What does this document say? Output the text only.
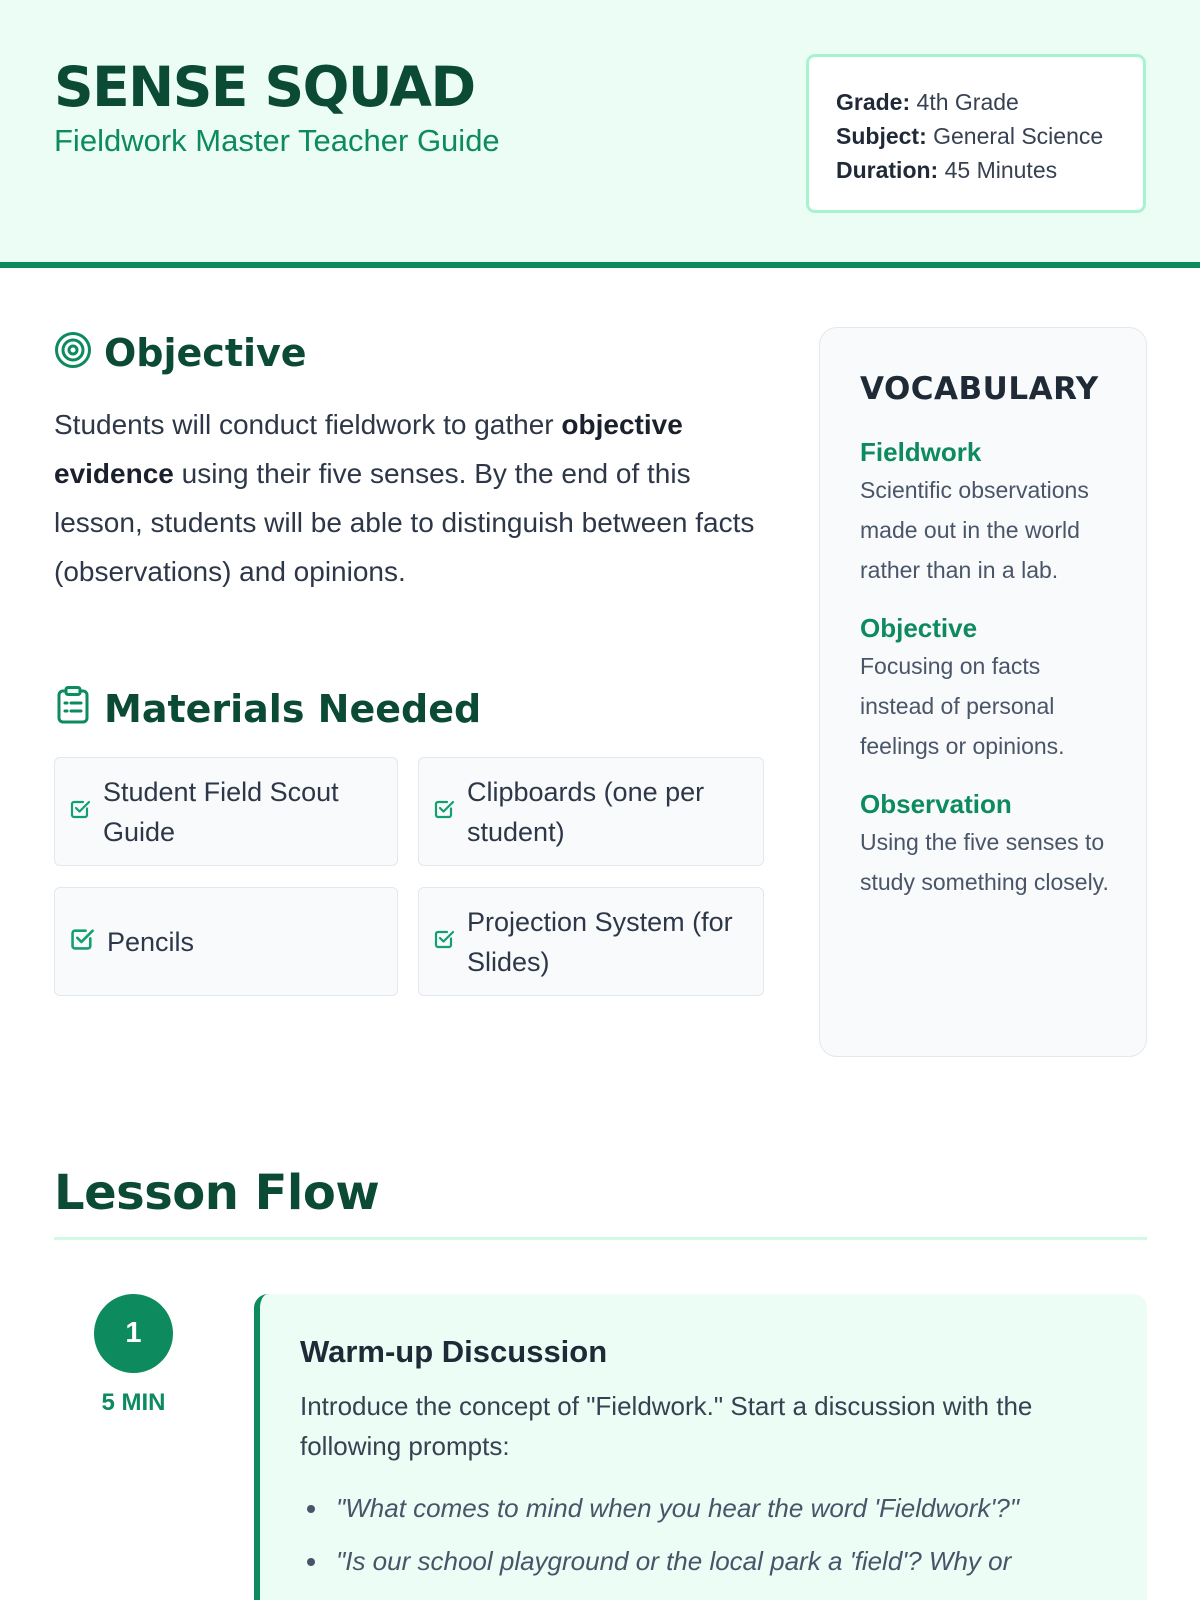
SENSE SQUAD
Fieldwork Master Teacher Guide
Grade: 4th Grade
Subject: General Science
Duration: 45 Minutes
Objective

Students will conduct fieldwork to gather objective evidence using their five senses. By the end of this lesson, students will be able to distinguish between facts (observations) and opinions.

Materials Needed
Student Field Scout Guide
Clipboards (one per student)
Pencils
Projection System (for Slides)
VOCABULARY
Fieldwork
Scientific observations made out in the world rather than in a lab.
Objective
Focusing on facts instead of personal feelings or opinions.
Observation
Using the five senses to study something closely.
Lesson Flow
1
5 MIN
Warm-up Discussion
Introduce the concept of "Fieldwork." Start a discussion with the following prompts:
"What comes to mind when you hear the word 'Fieldwork'?"
"Is our school playground or the local park a 'field'? Why or
